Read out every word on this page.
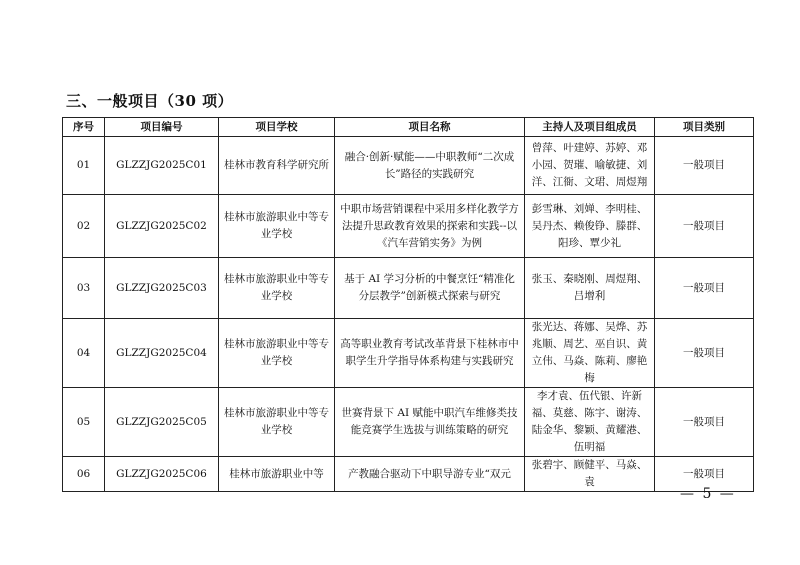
三、一般项目（30 项）
序号	项目编号	项目学校	项目名称	主持人及项目组成员	项目类别
01	GLZZJG2025C01	桂林市教育科学研究所	融合·创新·赋能——中职教师“二次成长”路径的实践研究	曾萍、叶建婷、苏婷、邓小园、贺璀、喻敏捷、刘洋、江衙、文珺、周煜翔	一般项目
02	GLZZJG2025C02	桂林市旅游职业中等专业学校	中职市场营销课程中采用多样化教学方法提升思政教育效果的探索和实践--以《汽车营销实务》为例	彭雪琳、刘婵、李明桂、吴丹杰、赖俊铮、滕群、阳珍、覃少礼	一般项目
03	GLZZJG2025C03	桂林市旅游职业中等专业学校	基于 AI 学习分析的中餐烹饪“精准化分层教学”创新模式探索与研究	张玉、秦晓刚、周煜翔、吕增利	一般项目
04	GLZZJG2025C04	桂林市旅游职业中等专业学校	高等职业教育考试改革背景下桂林市中职学生升学指导体系构建与实践研究	张光达、蒋娜、吴烨、苏兆顺、周艺、巫自识、黄立伟、马焱、陈莉、廖艳梅	一般项目
05	GLZZJG2025C05	桂林市旅游职业中等专业学校	世赛背景下 AI 赋能中职汽车维修类技能竞赛学生选拔与训练策略的研究	李才袁、伍代银、许新福、莫慈、陈宇、谢涛、陆金华、黎颖、黄耀港、伍明福	一般项目
06	GLZZJG2025C06	桂林市旅游职业中等	产教融合驱动下中职导游专业“双元	张碧宇、顾健平、马焱、袁	一般项目
— 5 —
